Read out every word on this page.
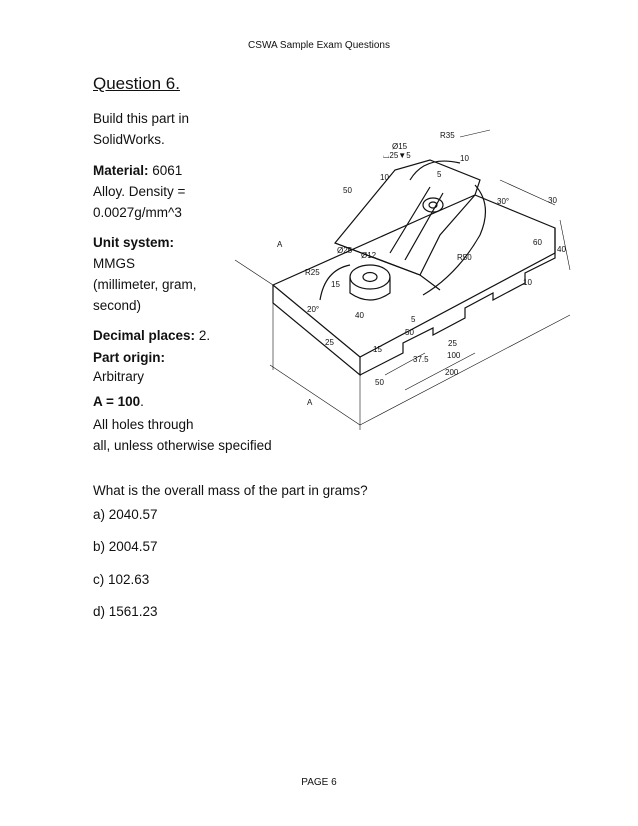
CSWA Sample Exam Questions
Question 6.
Build this part in
SolidWorks.
Material: 6061
Alloy. Density =
0.0027g/mm^3
Unit system:
MMGS
(millimeter, gram,
second)
Decimal places: 2.
Part origin:
Arbitrary
A = 100.
All holes through
all, unless otherwise specified
Ø15
⌴25▼5
R35
10	5
10
50
30°	30
A
Ø25
Ø12	R50
60
40
R25
15	10
20°
40	5
50
25
15
25
37.5 100
200
50
A
What is the overall mass of the part in grams?
a) 2040.57
b) 2004.57
c) 102.63
d) 1561.23
PAGE 6
